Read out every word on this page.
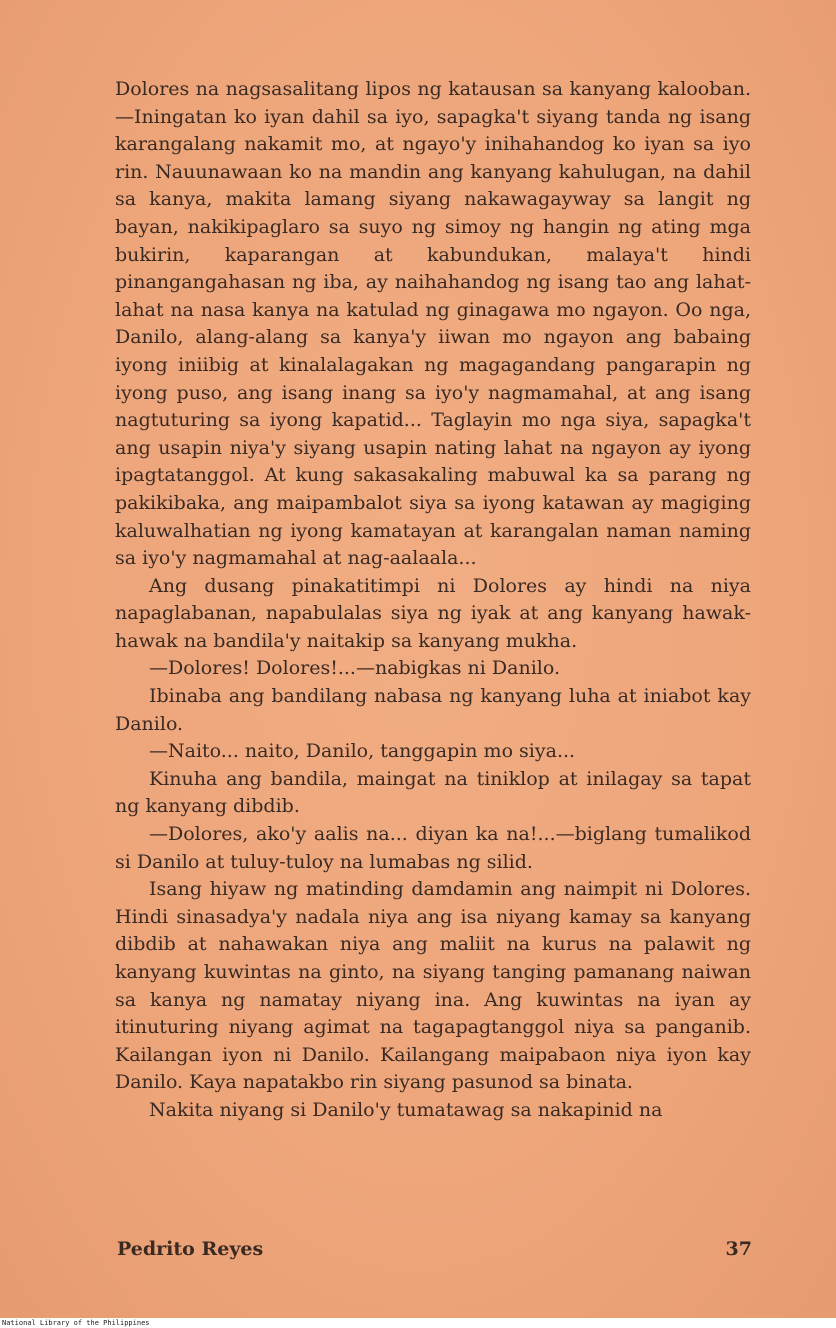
Dolores na nagsasalitang lipos ng katausan sa kanyang kalooban.—Iningatan ko iyan dahil sa iyo, sapagka't siyang tanda ng isang karangalang nakamit mo, at ngayo'y inihahandog ko iyan sa iyo rin. Nauunawaan ko na mandin ang kanyang kahulugan, na dahil sa kanya, makita lamang siyang nakawagayway sa langit ng bayan, nakikipaglaro sa suyo ng simoy ng hangin ng ating mga bukirin, kaparangan at kabundukan, malaya't hindi pinangangahasan ng iba, ay naihahandog ng isang tao ang lahat-lahat na nasa kanya na katulad ng ginagawa mo ngayon. Oo nga, Danilo, alang-alang sa kanya'y iiwan mo ngayon ang babaing iyong iniibig at kinalalagakan ng magagandang pangarapin ng iyong puso, ang isang inang sa iyo'y nagmamahal, at ang isang nagtuturing sa iyong kapatid... Taglayin mo nga siya, sapagka't ang usapin niya'y siyang usapin nating lahat na ngayon ay iyong ipagtatanggol. At kung sakasakaling mabuwal ka sa parang ng pakikibaka, ang maipambalot siya sa iyong katawan ay magiging kaluwalhatian ng iyong kamatayan at karangalan naman naming sa iyo'y nagmamahal at nag-aalaala...

Ang dusang pinakatitimpi ni Dolores ay hindi na niya napaglabanan, napabulalas siya ng iyak at ang kanyang hawak-hawak na bandila'y naitakip sa kanyang mukha.

—Dolores! Dolores!...—nabigkas ni Danilo.

Ibinaba ang bandilang nabasa ng kanyang luha at iniabot kay Danilo.

—Naito... naito, Danilo, tanggapin mo siya...

Kinuha ang bandila, maingat na tiniklop at inilagay sa tapat ng kanyang dibdib.

—Dolores, ako'y aalis na... diyan ka na!...—biglang tumalikod si Danilo at tuluy-tuloy na lumabas ng silid.

Isang hiyaw ng matinding damdamin ang naimpit ni Dolores. Hindi sinasadya'y nadala niya ang isa niyang kamay sa kanyang dibdib at nahawakan niya ang maliit na kurus na palawit ng kanyang kuwintas na ginto, na siyang tanging pamanang naiwan sa kanya ng namatay niyang ina. Ang kuwintas na iyan ay itinuturing niyang agimat na tagapagtanggol niya sa panganib. Kailangan iyon ni Danilo. Kailangang maipabaon niya iyon kay Danilo. Kaya napatakbo rin siyang pasunod sa binata.

Nakita niyang si Danilo'y tumatawag sa nakapinid na

Pedrito Reyes	37
National Library of the Philippines
